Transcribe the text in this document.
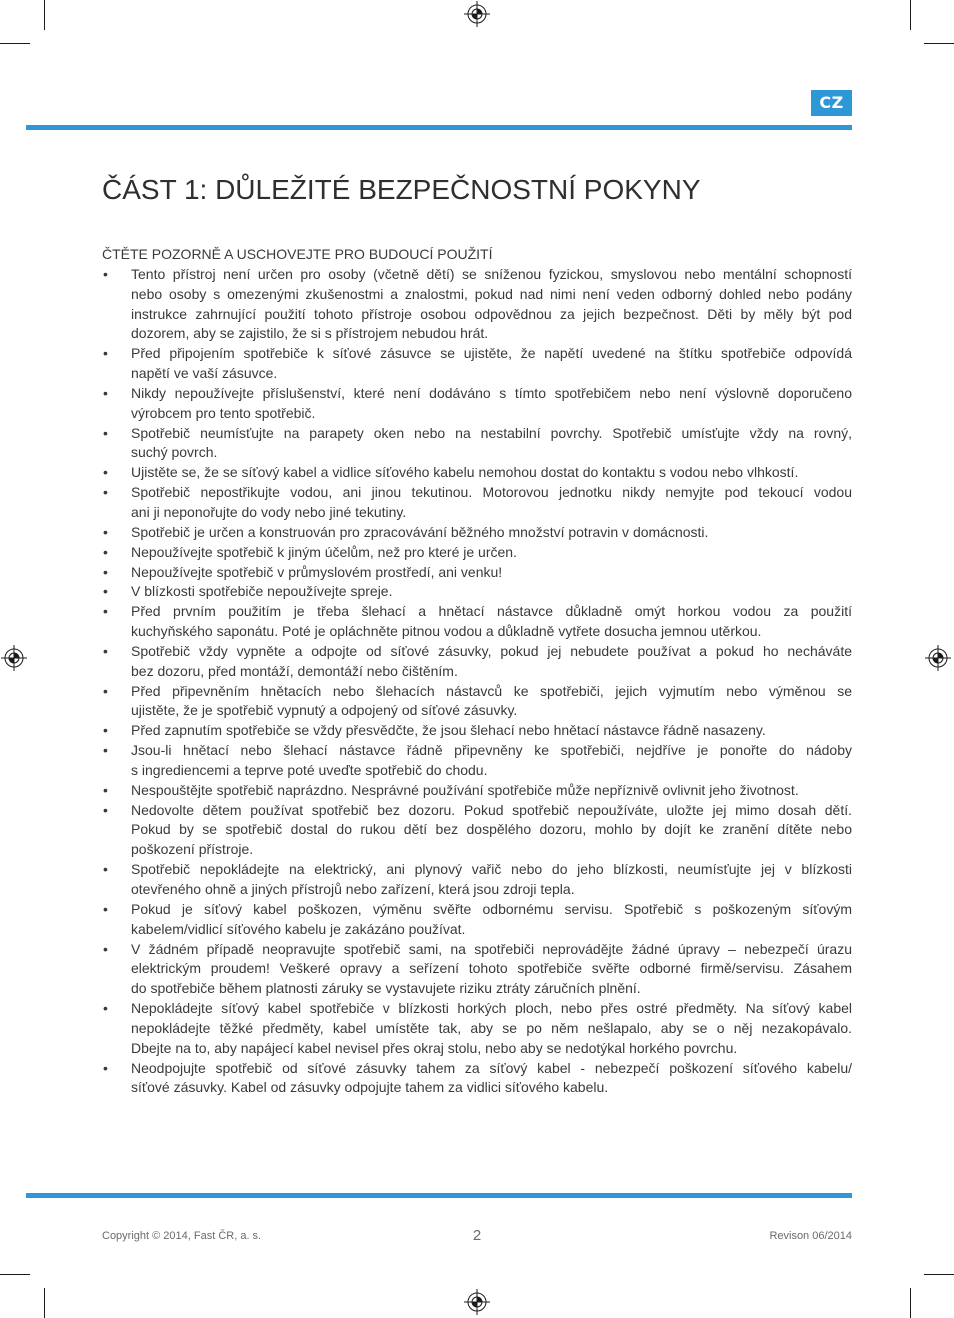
CZ
ČÁST 1: DŮLEŽITÉ BEZPEČNOSTNÍ POKYNY
ČTĚTE POZORNĚ A USCHOVEJTE PRO BUDOUCÍ POUŽITÍ
• Tento přístroj není určen pro osoby (včetně dětí) se sníženou fyzickou, smyslovou nebo mentální schopností
nebo osoby s omezenými zkušenostmi a znalostmi, pokud nad nimi není veden odborný dohled nebo podány
instrukce zahrnující použití tohoto přístroje osobou odpovědnou za jejich bezpečnost. Děti by měly být pod
dozorem, aby se zajistilo, že si s přístrojem nebudou hrát.
• Před připojením spotřebiče k síťové zásuvce se ujistěte, že napětí uvedené na štítku spotřebiče odpovídá
napětí ve vaší zásuvce.
• Nikdy nepoužívejte příslušenství, které není dodáváno s tímto spotřebičem nebo není výslovně doporučeno
výrobcem pro tento spotřebič.
• Spotřebič neumísťujte na parapety oken nebo na nestabilní povrchy. Spotřebič umísťujte vždy na rovný,
suchý povrch.
• Ujistěte se, že se síťový kabel a vidlice síťového kabelu nemohou dostat do kontaktu s vodou nebo vlhkostí.
• Spotřebič nepostřikujte vodou, ani jinou tekutinou. Motorovou jednotku nikdy nemyjte pod tekoucí vodou
ani ji neponořujte do vody nebo jiné tekutiny.
• Spotřebič je určen a konstruován pro zpracovávání běžného množství potravin v domácnosti.
• Nepoužívejte spotřebič k jiným účelům, než pro které je určen.
• Nepoužívejte spotřebič v průmyslovém prostředí, ani venku!
• V blízkosti spotřebiče nepoužívejte spreje.
• Před prvním použitím je třeba šlehací a hnětací nástavce důkladně omýt horkou vodou za použití
kuchyňského saponátu. Poté je opláchněte pitnou vodou a důkladně vytřete dosucha jemnou utěrkou.
• Spotřebič vždy vypněte a odpojte od síťové zásuvky, pokud jej nebudete používat a pokud ho necháváte
bez dozoru, před montáží, demontáží nebo čištěním.
• Před připevněním hnětacích nebo šlehacích nástavců ke spotřebiči, jejich vyjmutím nebo výměnou se
ujistěte, že je spotřebič vypnutý a odpojený od síťové zásuvky.
• Před zapnutím spotřebiče se vždy přesvědčte, že jsou šlehací nebo hnětací nástavce řádně nasazeny.
• Jsou-li hnětací nebo šlehací nástavce řádně připevněny ke spotřebiči, nejdříve je ponořte do nádoby
s ingrediencemi a teprve poté uveďte spotřebič do chodu.
• Nespouštějte spotřebič naprázdno. Nesprávné používání spotřebiče může nepříznivě ovlivnit jeho životnost.
• Nedovolte dětem používat spotřebič bez dozoru. Pokud spotřebič nepoužíváte, uložte jej mimo dosah dětí.
Pokud by se spotřebič dostal do rukou dětí bez dospělého dozoru, mohlo by dojít ke zranění dítěte nebo
poškození přístroje.
• Spotřebič nepokládejte na elektrický, ani plynový vařič nebo do jeho blízkosti, neumísťujte jej v blízkosti
otevřeného ohně a jiných přístrojů nebo zařízení, která jsou zdroji tepla.
• Pokud je síťový kabel poškozen, výměnu svěřte odbornému servisu. Spotřebič s poškozeným síťovým
kabelem/vidlicí síťového kabelu je zakázáno používat.
• V žádném případě neopravujte spotřebič sami, na spotřebiči neprovádějte žádné úpravy – nebezpečí úrazu
elektrickým proudem! Veškeré opravy a seřízení tohoto spotřebiče svěřte odborné firmě/servisu. Zásahem
do spotřebiče během platnosti záruky se vystavujete riziku ztráty záručních plnění.
• Nepokládejte síťový kabel spotřebiče v blízkosti horkých ploch, nebo přes ostré předměty. Na síťový kabel
nepokládejte těžké předměty, kabel umístěte tak, aby se po něm nešlapalo, aby se o něj nezakopávalo.
Dbejte na to, aby napájecí kabel nevisel přes okraj stolu, nebo aby se nedotýkal horkého povrchu.
• Neodpojujte spotřebič od síťové zásuvky tahem za síťový kabel - nebezpečí poškození síťového kabelu/
síťové zásuvky. Kabel od zásuvky odpojujte tahem za vidlici síťového kabelu.
Copyright © 2014, Fast ČR, a. s.	2	Revison 06/2014
